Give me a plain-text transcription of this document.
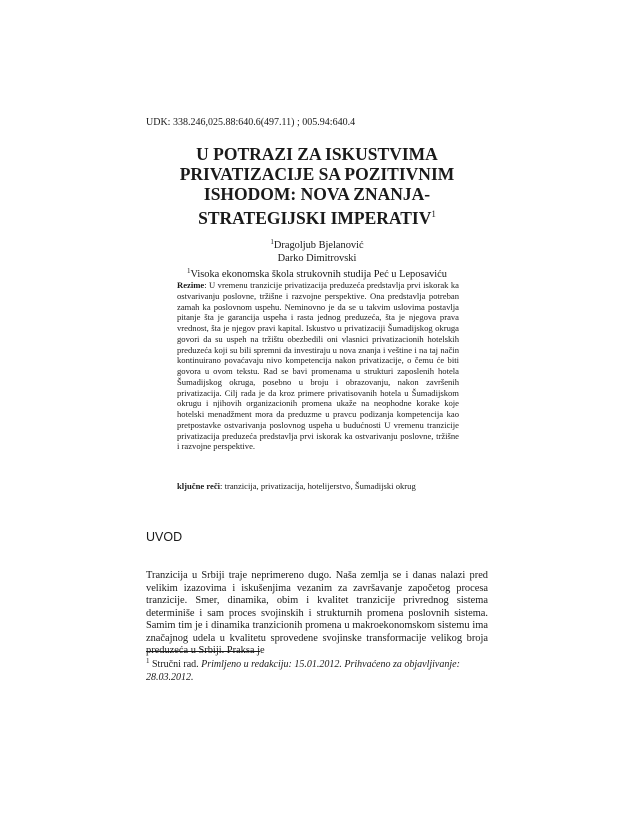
UDK: 338.246,025.88:640.6(497.11) ; 005.94:640.4
U POTRAZI ZA ISKUSTVIMA PRIVATIZACIJE SA POZITIVNIM ISHODOM: NOVA ZNANJA-STRATEGIJSKI IMPERATIV$^1$
$^1$Dragoljub Bjelanović
Darko Dimitrovski
$^1$Visoka ekonomska škola strukovnih studija Peć u Leposaviću
Rezime: U vremenu tranzicije privatizacija preduzeća predstavlja prvi iskorak ka ostvarivanju poslovne, tržišne i razvojne perspektive. Ona predstavlja potreban zamah ka poslovnom uspehu. Neminovno je da se u takvim uslovima postavlja pitanje šta je garancija uspeha i rasta jednog preduzeća, šta je njegova prava vrednost, šta je njegov pravi kapital. Iskustvo u privatizaciji Šumadijskog okruga govori da su uspeh na tržištu obezbedili oni vlasnici privatizacionih hotelskih preduzeća koji su bili spremni da investiraju u nova znanja i veštine i na taj način kontinuirano povaćavaju nivo kompetencija nakon privatizacije, o čemu će biti govora u ovom tekstu. Rad se bavi promenama u strukturi zaposlenih hotela Šumadijskog okruga, posebno u broju i obrazovanju, nakon završenih privatizacija. Cilj rada je da kroz primere privatisovanih hotela u Šumadijskom okrugu i njihovih organizacionih promena ukaže na neophodne korake koje hotelski menadžment mora da preduzme u pravcu podizanja kompetencija kao pretpostavke ostvarivanja poslovnog uspeha u budućnosti U vremenu tranzicije privatizacija preduzeća predstavlja prvi iskorak ka ostvarivanju poslovne, tržišne i razvojne perspektive.
ključne reči: tranzicija, privatizacija, hotelijerstvo, Šumadijski okrug
UVOD
Tranzicija u Srbiji traje neprimereno dugo. Naša zemlja se i danas nalazi pred velikim izazovima i iskušenjima vezanim za završavanje započetog procesa tranzicije. Smer, dinamika, obim i kvalitet tranzicije privrednog sistema determiniše i sam proces svojinskih i strukturnih promena poslovnih sistema. Samim tim je i dinamika tranzicionih promena u makroekonomskom sistemu ima značajnog udela u kvalitetu sprovedene svojinske transformacije velikog broja preduzeća u Srbiji. Praksa je
$^1$ Stručni rad. Primljeno u redakciju: 15.01.2012. Prihvaćeno za objavljivanje: 28.03.2012.
